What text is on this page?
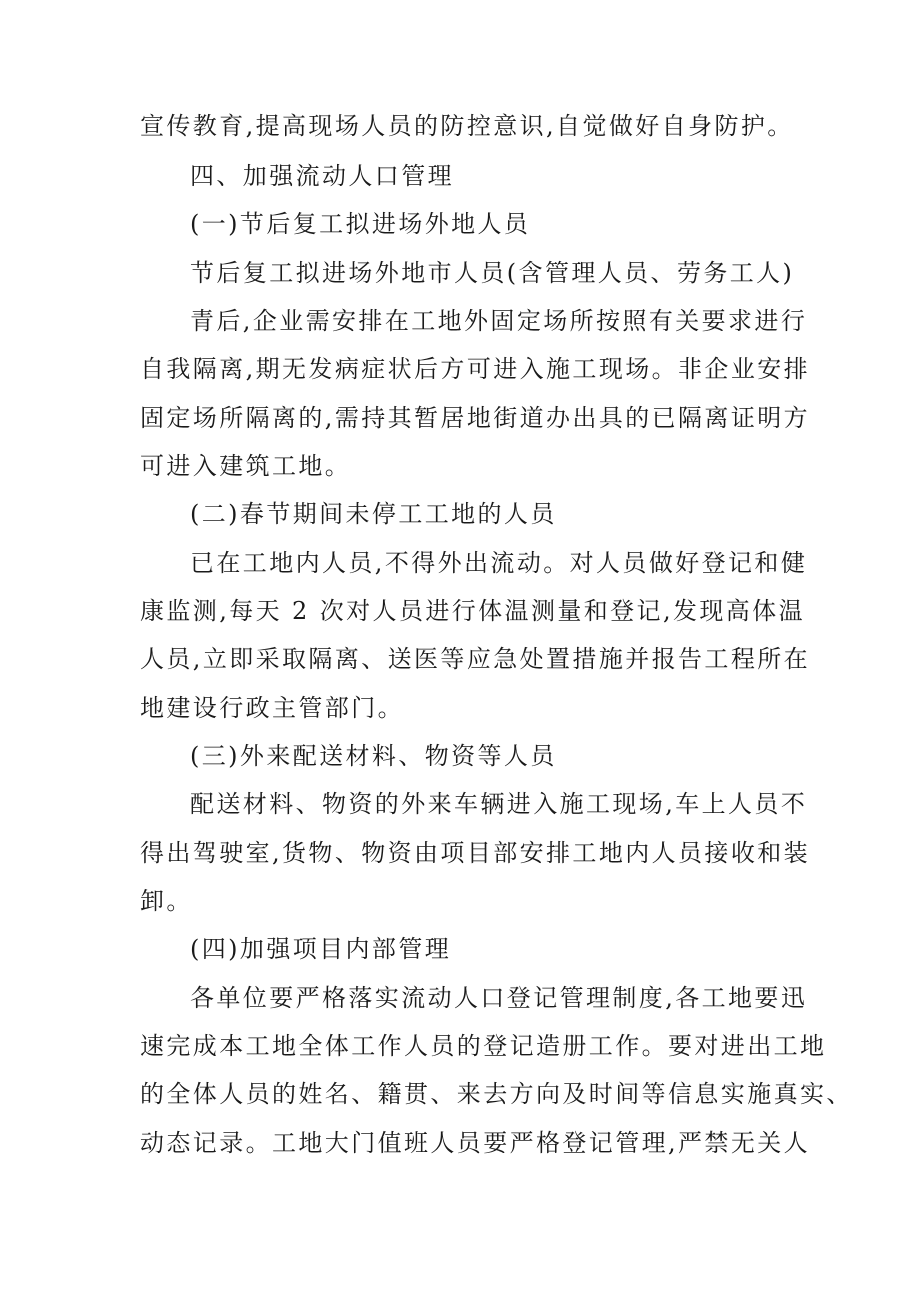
宣传教育,提高现场人员的防控意识,自觉做好自身防护。
四、加强流动人口管理
(一)节后复工拟进场外地人员
节后复工拟进场外地市人员(含管理人员、劳务工人)
青后,企业需安排在工地外固定场所按照有关要求进行
自我隔离,期无发病症状后方可进入施工现场。非企业安排
固定场所隔离的,需持其暂居地街道办出具的已隔离证明方
可进入建筑工地。
(二)春节期间未停工工地的人员
已在工地内人员,不得外出流动。对人员做好登记和健
康监测,每天 2 次对人员进行体温测量和登记,发现高体温
人员,立即采取隔离、送医等应急处置措施并报告工程所在
地建设行政主管部门。
(三)外来配送材料、物资等人员
配送材料、物资的外来车辆进入施工现场,车上人员不
得出驾驶室,货物、物资由项目部安排工地内人员接收和装
卸。
(四)加强项目内部管理
各单位要严格落实流动人口登记管理制度,各工地要迅
速完成本工地全体工作人员的登记造册工作。要对进出工地
的全体人员的姓名、籍贯、来去方向及时间等信息实施真实、
动态记录。工地大门值班人员要严格登记管理,严禁无关人
